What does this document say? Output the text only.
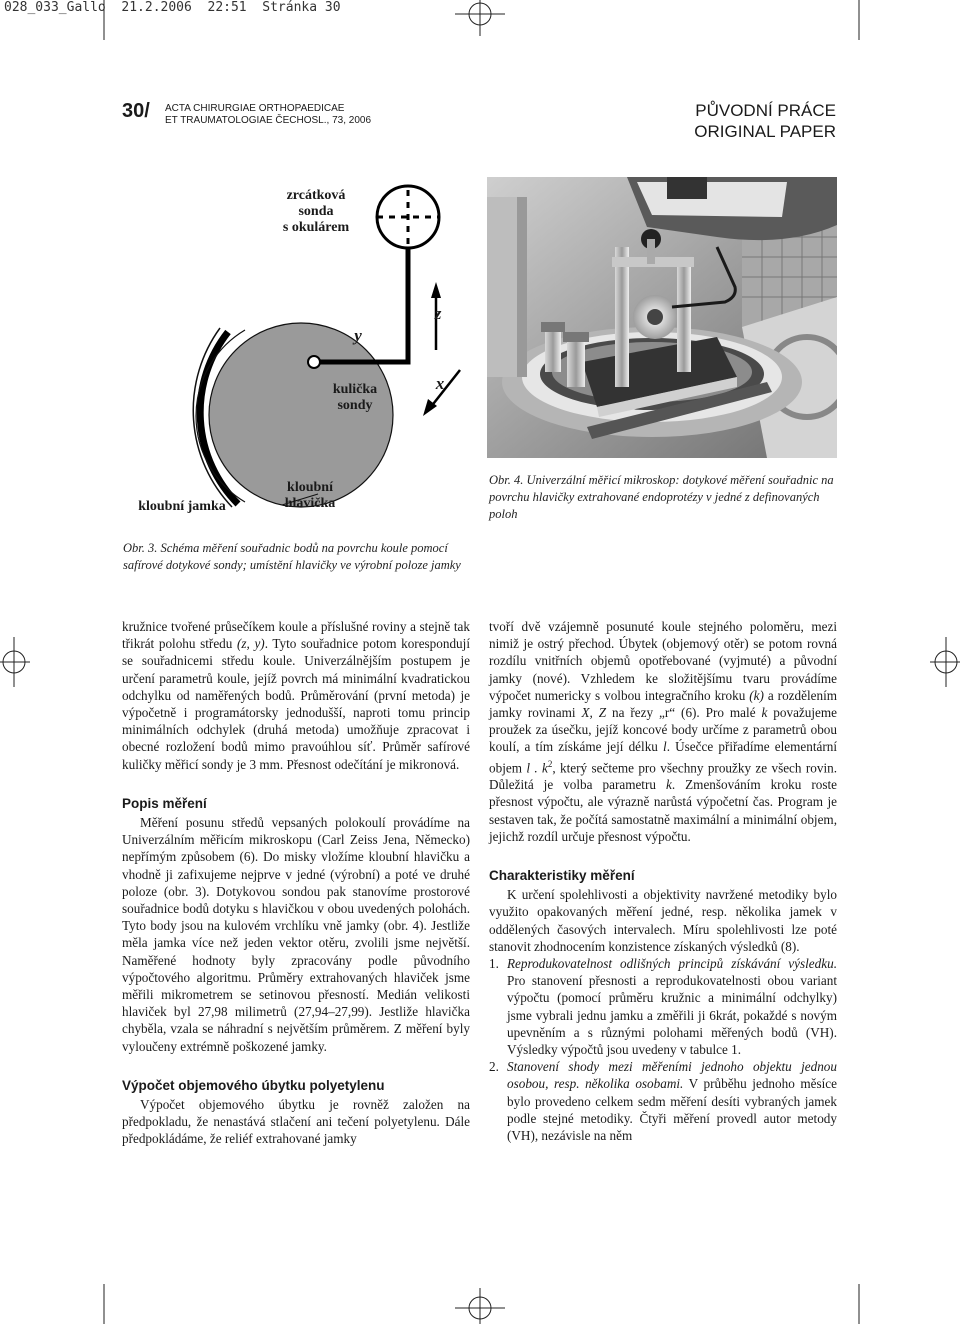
028_033_Gallo  21.2.2006  22:51  Stránka 30
30/ ACTA CHIRURGIAE ORTHOPAEDICAE
ET TRAUMATOLOGIAE ČECHOSL., 73, 2006
PŮVODNÍ PRÁCE
ORIGINAL PAPER
zrcátková
sonda
s okulárem
y
z
x
kulička
sondy
kloubní jamka
kloubní
hlavička
Obr. 4. Univerzální měřicí mikroskop: dotykové měření souřadnic na povrchu hlavičky extrahované endoprotézy v jedné z definovaných poloh
Obr. 3. Schéma měření souřadnic bodů na povrchu koule pomocí safírové dotykové sondy; umístění hlavičky ve výrobní poloze jamky

kružnice tvořené průsečíkem koule a příslušné roviny a stejně tak třikrát polohu středu (z, y). Tyto souřadnice potom korespondují se souřadnicemi středu koule. Univerzálnějším postupem je určení parametrů koule, jejíž povrch má minimální kvadratickou odchylku od naměřených bodů. Průměrování (první metoda) je výpočetně i programátorsky jednodušší, naproti tomu princip minimálních odchylek (druhá metoda) umožňuje zpracovat i obecné rozložení bodů mimo pravoúhlou síť. Průměr safírové kuličky měřicí sondy je 3 mm. Přesnost odečítání je mikronová.

Popis měření

Měření posunu středů vepsaných polokoulí provádíme na Univerzálním měřicím mikroskopu (Carl Zeiss Jena, Německo) nepřímým způsobem (6). Do misky vložíme kloubní hlavičku a vhodně ji zafixujeme nejprve v jedné (výrobní) a poté ve druhé poloze (obr. 3). Dotykovou sondou pak stanovíme prostorové souřadnice bodů dotyku s hlavičkou v obou uvedených polohách. Tyto body jsou na kulovém vrchlíku vně jamky (obr. 4). Jestliže měla jamka více než jeden vektor otěru, zvolili jsme největší. Naměřené hodnoty byly zpracovány podle původního výpočtového algoritmu. Průměry extrahovaných hlaviček jsme měřili mikrometrem se setinovou přesností. Medián velikosti hlaviček byl 27,98 milimetrů (27,94–27,99). Jestliže hlavička chyběla, vzala se náhradní s největším průměrem. Z měření byly vyloučeny extrémně poškozené jamky.

Výpočet objemového úbytku polyetylenu

Výpočet objemového úbytku je rovněž založen na předpokladu, že nenastává stlačení ani tečení polyetylenu. Dále předpokládáme, že reliéf extrahované jamky

tvoří dvě vzájemně posunuté koule stejného poloměru, mezi nimiž je ostrý přechod. Úbytek (objemový otěr) se potom rovná rozdílu vnitřních objemů opotřebované (vyjmuté) a původní jamky (nové). Vzhledem ke složitějšímu tvaru provádíme výpočet numericky s volbou integračního kroku (k) a rozdělením jamky rovinami X, Z na řezy „r“ (6). Pro malé k považujeme proužek za úsečku, jejíž koncové body určíme z parametrů obou koulí, a tím získáme její délku l. Úsečce přiřadíme elementární objem l . $k^2$, který sečteme pro všechny proužky ze všech rovin. Důležitá je volba parametru k. Zmenšováním kroku roste přesnost výpočtu, ale výrazně narůstá výpočetní čas. Program je sestaven tak, že počítá samostatně maximální a minimální objem, jejichž rozdíl určuje přesnost výpočtu.

Charakteristiky měření

K určení spolehlivosti a objektivity navržené metodiky bylo využito opakovaných měření jedné, resp. několika jamek v oddělených časových intervalech. Míru spolehlivosti lze poté stanovit zhodnocením konzistence získaných výsledků (8).

1. Reprodukovatelnost odlišných principů získávání výsledku. Pro stanovení přesnosti a reprodukovatelnosti obou variant výpočtu (pomocí průměru kružnic a minimální odchylky) jsme vybrali jednu jamku a změřili ji 6krát, pokaždé s novým upevněním a s různými polohami měřených bodů (VH). Výsledky výpočtů jsou uvedeny v tabulce 1.
2. Stanovení shody mezi měřeními jednoho objektu jednou osobou, resp. několika osobami. V průběhu jednoho měsíce bylo provedeno celkem sedm měření desíti vybraných jamek podle stejné metodiky. Čtyři měření provedl autor metody (VH), nezávisle na něm
